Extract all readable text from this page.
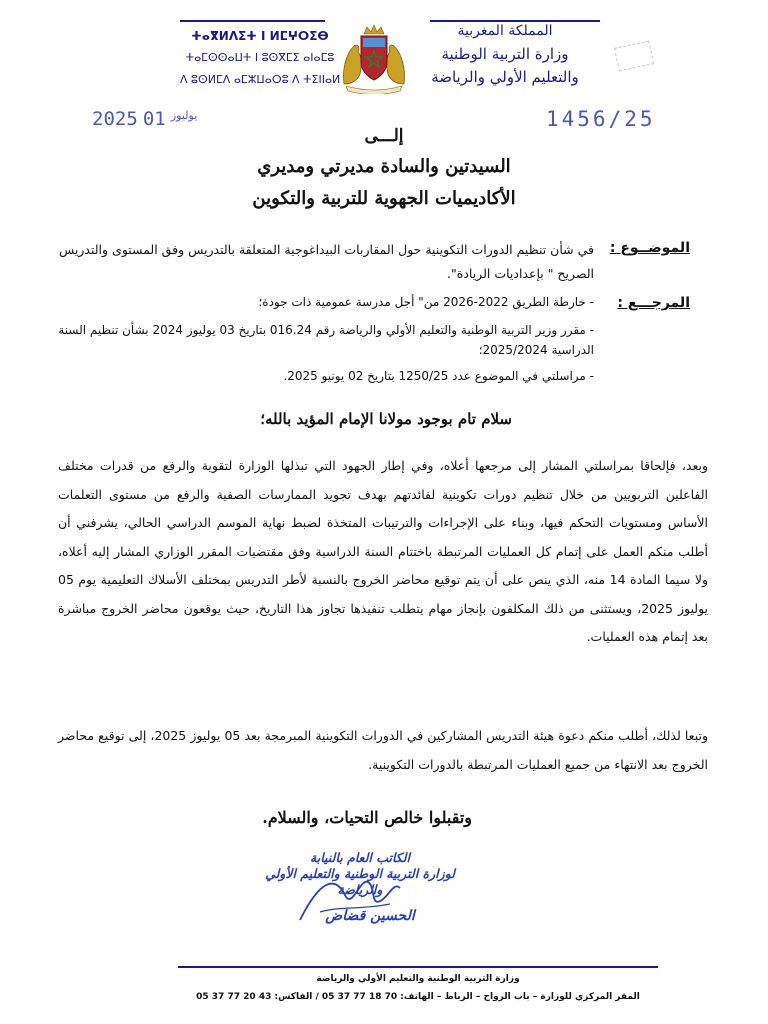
ⵜⴰⴳⵍⴷⵉⵜ ⵏ ⵍⵎⵖⵔⵉⴱ
ⵜⴰⵎⵙⵙⴰⵡⵜ ⵏ ⵓⵙⴳⵎⵉ ⴰⵏⴰⵎⵓ
ⴷ ⵓⵙⵍⵎⴷ ⴰⵎⵣⵡⴰⵔⵓ ⴷ ⵜⵉⵏⵏⴰⵍ
المملكة المغربية
وزارة التربية الوطنية
والتعليم الأولي والرياضة
2025	$^{يوليوز}$ 01	1456/25
إلـــى
السيدتين والسادة مديرتي ومديري
الأكاديميات الجهوية للتربية والتكوين
الموضــوع :
في شأن تنظيم الدورات التكوينية حول المقاربات البيداغوجية المتعلقة بالتدريس وفق المستوى والتدريس الصريح " بإعداديات الريادة".
المرجـــع :
- خارطة الطريق 2022-2026 من" أجل مدرسة عمومية ذات جودة؛
- مقرر وزير التربية الوطنية والتعليم الأولي والرياضة رقم 016.24 بتاريخ 03 يوليوز 2024 بشأن تنظيم السنة الدراسية 2025/2024؛
- مراسلتي في الموضوع عدد 1250/25 بتاريخ 02 يونيو 2025.
سلام تام بوجود مولانا الإمام المؤيد بالله؛
وبعد، فإلحاقا بمراسلتي المشار إلى مرجعها أعلاه، وفي إطار الجهود التي تبذلها الوزارة لتقوية والرفع من قدرات مختلف الفاعلين التربويين من خلال تنظيم دورات تكوينية لفائدتهم بهدف تجويد الممارسات الصفية والرفع من مستوى التعلمات الأساس ومستويات التحكم فيها، وبناء على الإجراءات والترتيبات المتخذة لضبط نهاية الموسم الدراسي الحالي، يشرفني أن أطلب منكم العمل على إتمام كل العمليات المرتبطة باختتام السنة الدراسية وفق مقتضيات المقرر الوزاري المشار إليه أعلاه، ولا سيما المادة 14 منه، الذي ينص على أن يتم توقيع محاضر الخروج بالنسبة لأطر التدريس بمختلف الأسلاك التعليمية يوم 05 يوليوز 2025، ويستثنى من ذلك المكلفون بإنجاز مهام يتطلب تنفيذها تجاوز هذا التاريخ، حيث يوقعون محاضر الخروج مباشرة بعد إتمام هذه العمليات.
وتبعا لذلك، أطلب منكم دعوة هيئة التدريس المشاركين في الدورات التكوينية المبرمجة بعد 05 يوليوز 2025، إلى توقيع محاضر الخروج بعد الانتهاء من جميع العمليات المرتبطة بالدورات التكوينية.
وتقبلوا خالص التحيات، والسلام.
الكاتب العام بالنيابة
لوزارة التربية الوطنية والتعليم الأولي
والرياضة
الحسين قضاض
وزارة التربية الوطنية والتعليم الأولي والرياضة
المقر المركزي للوزارة – باب الرواح – الرباط – الهاتف: 70 18 77 37 05 / الفاكس: 43 20 77 37 05
